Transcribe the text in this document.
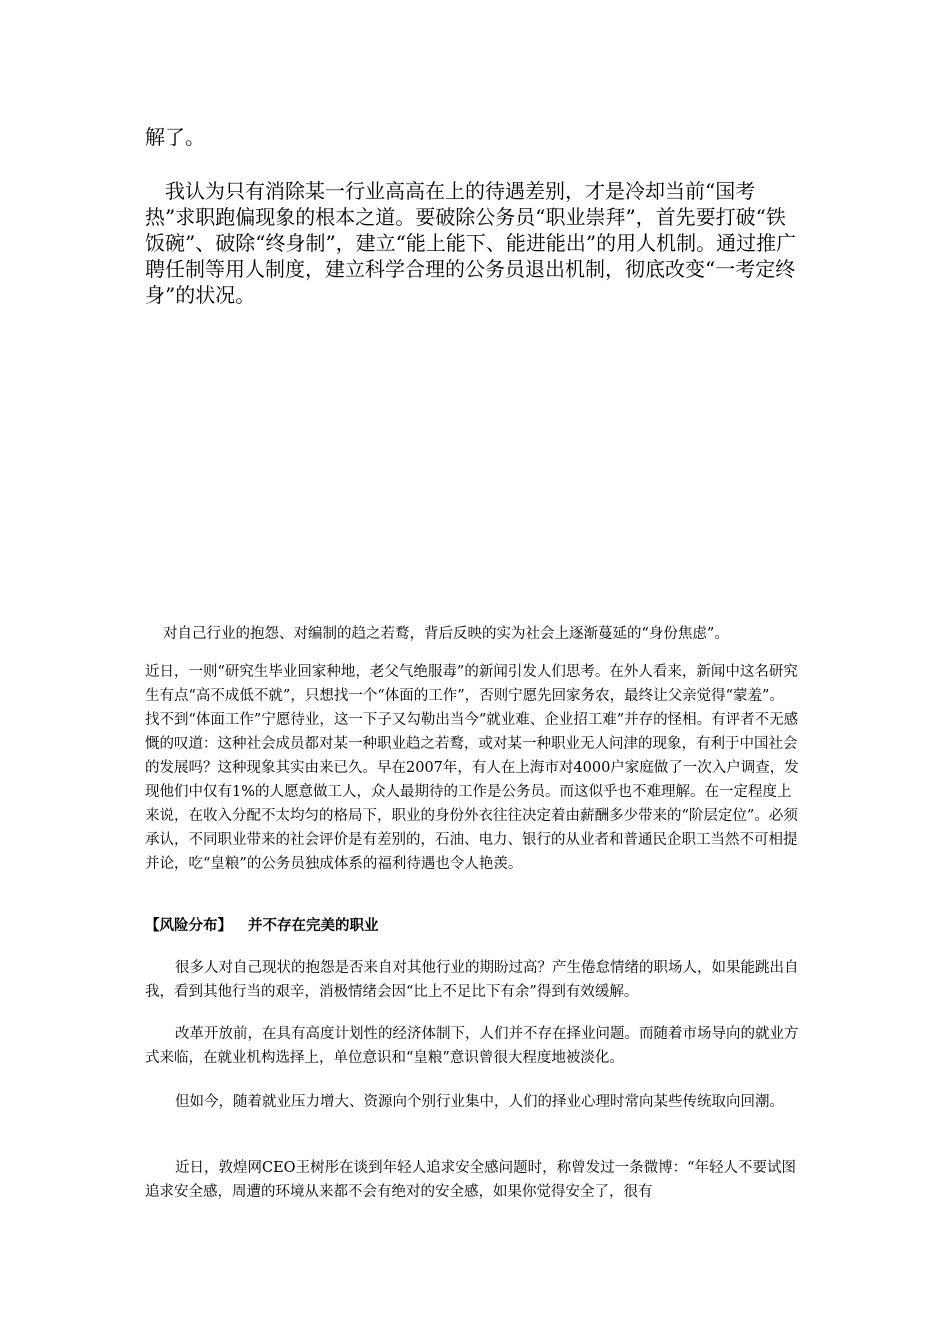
解了。
我认为只有消除某一行业高高在上的待遇差别，才是冷却当前“国考热”求职跑偏现象的根本之道。要破除公务员“职业崇拜”，首先要打破“铁饭碗”、破除“终身制”，建立“能上能下、能进能出”的用人机制。通过推广聘任制等用人制度，建立科学合理的公务员退出机制，彻底改变“一考定终身”的状况。
对自己行业的抱怨、对编制的趋之若鹜，背后反映的实为社会上逐渐蔓延的“身份焦虑”。
近日，一则“研究生毕业回家种地，老父气绝服毒”的新闻引发人们思考。在外人看来，新闻中这名研究生有点“高不成低不就”，只想找一个“体面的工作”，否则宁愿先回家务农，最终让父亲觉得“蒙羞”。　　找不到“体面工作”宁愿待业，这一下子又勾勒出当今“就业难、企业招工难”并存的怪相。有评者不无感慨的叹道：这种社会成员都对某一种职业趋之若鹜，或对某一种职业无人问津的现象，有利于中国社会的发展吗？这种现象其实由来已久。早在2007年，有人在上海市对4000户家庭做了一次入户调查，发现他们中仅有1%的人愿意做工人，众人最期待的工作是公务员。而这似乎也不难理解。在一定程度上来说，在收入分配不太均匀的格局下，职业的身份外衣往往决定着由薪酬多少带来的“阶层定位”。必须承认，不同职业带来的社会评价是有差别的，石油、电力、银行的从业者和普通民企职工当然不可相提并论，吃“皇粮”的公务员独成体系的福利待遇也令人艳羡。
【风险分布】 并不存在完美的职业
很多人对自己现状的抱怨是否来自对其他行业的期盼过高？产生倦怠情绪的职场人，如果能跳出自我，看到其他行当的艰辛，消极情绪会因“比上不足比下有余”得到有效缓解。
改革开放前，在具有高度计划性的经济体制下，人们并不存在择业问题。而随着市场导向的就业方式来临，在就业机构选择上，单位意识和“皇粮”意识曾很大程度地被淡化。
但如今，随着就业压力增大、资源向个别行业集中，人们的择业心理时常向某些传统取向回潮。
近日，敦煌网CEO王树彤在谈到年轻人追求安全感问题时，称曾发过一条微博：“年轻人不要试图追求安全感，周遭的环境从来都不会有绝对的安全感，如果你觉得安全了，很有
